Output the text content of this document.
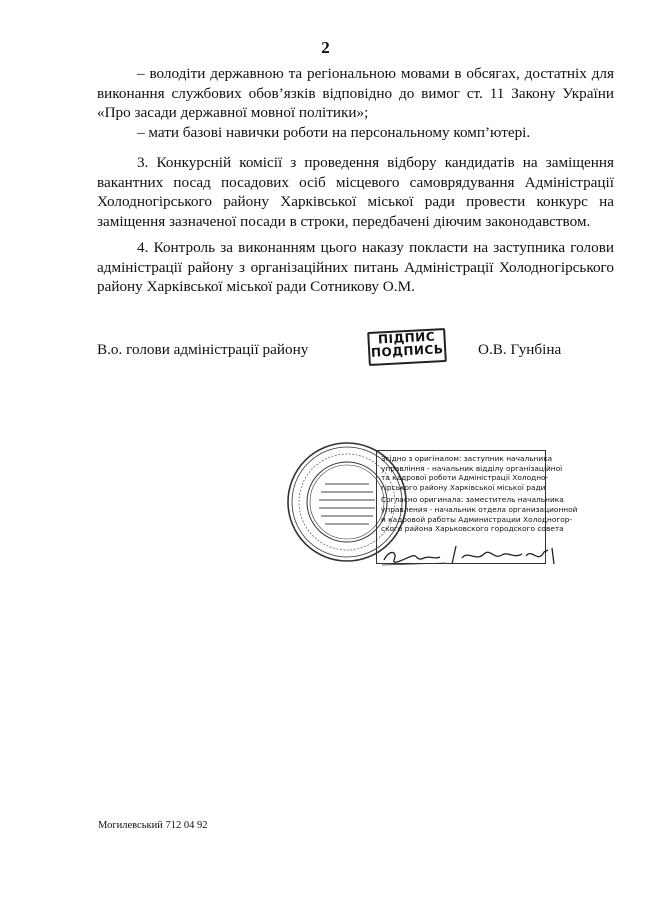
2

– володіти державною та регіональною мовами в обсягах, достатніх для виконання службових обов’язків відповідно до вимог ст. 11 Закону України «Про засади державної мовної політики»;

– мати базові навички роботи на персональному комп’ютері.

3. Конкурсній комісії з проведення відбору кандидатів на заміщення вакантних посад посадових осіб місцевого самоврядування Адміністрації Холодногірського району Харківської міської ради провести конкурс на заміщення зазначеної посади в строки, передбачені діючим законодавством.

4. Контроль за виконанням цього наказу покласти на заступника голови адміністрації району з організаційних питань Адміністрації Холодногірського району Харківської міської ради Сотникову О.М.

В.о. голови адміністрації району
ПІДПИС
ПОДПИСЬ О.В. Гунбіна

Згідно з оригіналом: заступник начальника

управління - начальник відділу організаційної

та кадрової роботи Адміністрації Холодно-

гірського району Харківської міської ради

Согласно оригинала: заместитель начальника

управления - начальник отдела организационной

и кадровой работы Администрации Холодногор-

ского района Харьковского городского совета

Могилевський 712 04 92
